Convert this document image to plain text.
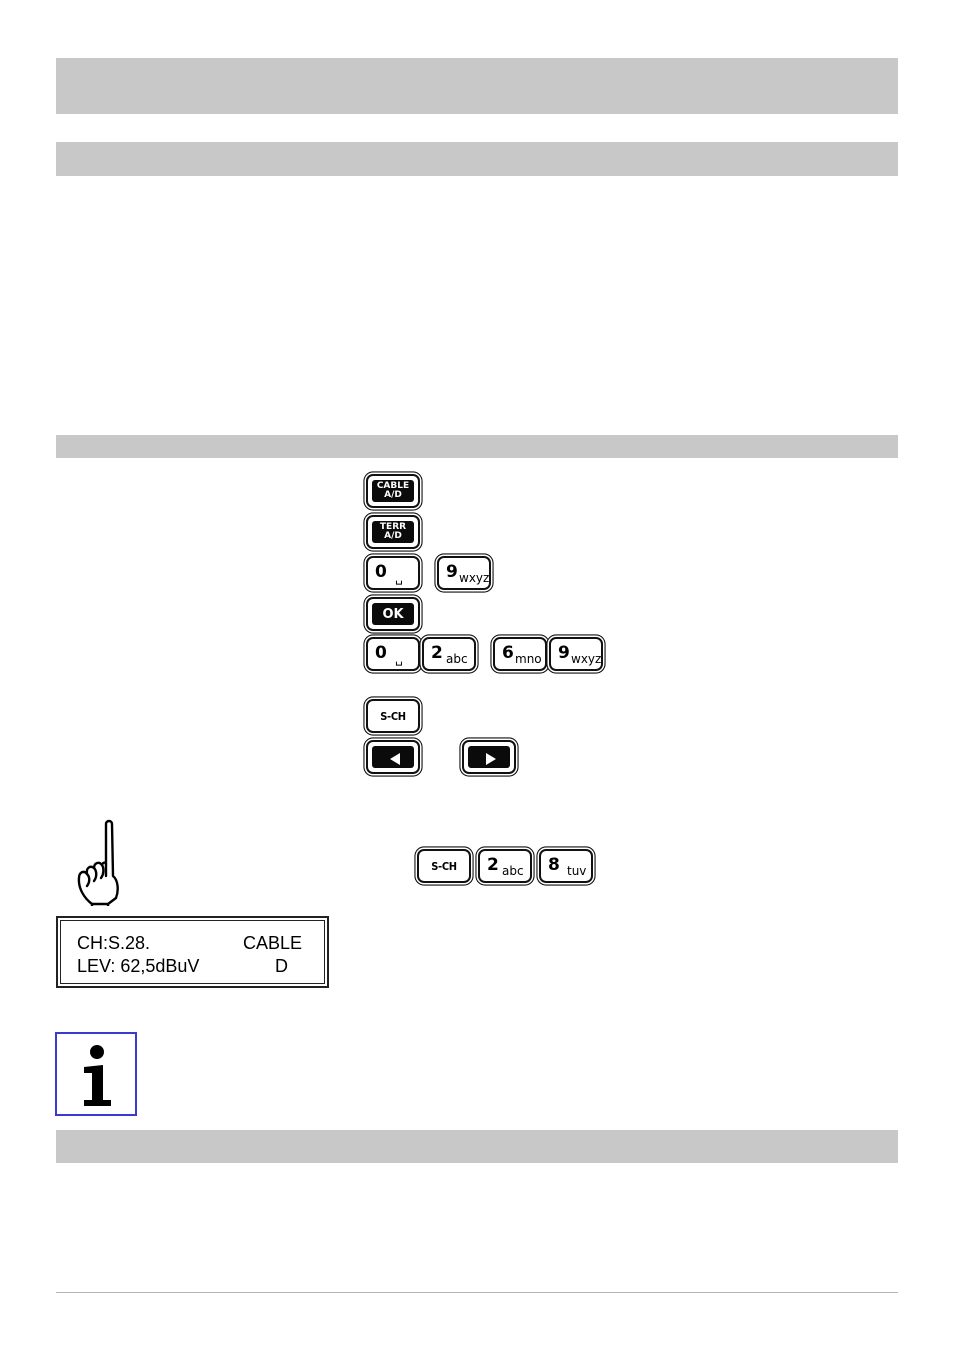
CABLE
A/D
TERR
A/D
0 ␣	9 wxyz
OK
0 ␣ 2 abc 6 mno 9 wxyz
S-CH
S-CH	2 abc 8 tuv
CH:S.28.	CABLE
LEV: 62,5dBuV	D
